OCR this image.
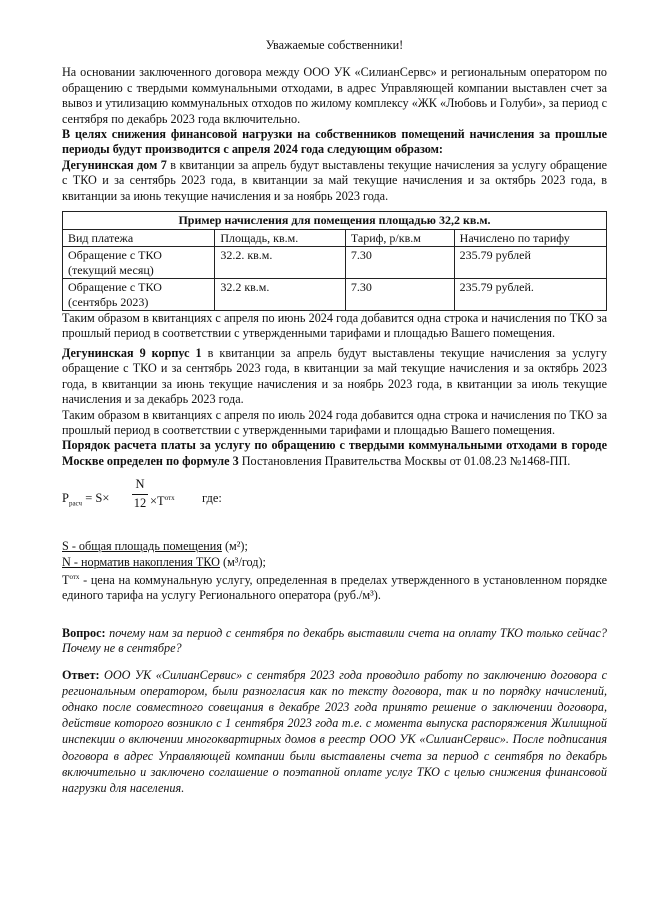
Уважаемые собственники!

На основании заключенного договора между ООО УК «СилианСервс» и региональным оператором по обращению с твердыми коммунальными отходами, в адрес Управляющей компании выставлен счет за вывоз и утилизацию коммунальных отходов по жилому комплексу «ЖК «Любовь и Голуби», за период с сентября по декабрь 2023 года включительно.

В целях снижения финансовой нагрузки на собственников помещений начисления за прошлые периоды будут производится с апреля 2024 года следующим образом:

Дегунинская дом 7 в квитанции за апрель будут выставлены текущие начисления за услугу обращение с ТКО и за сентябрь 2023 года, в квитанции за май текущие начисления и за октябрь 2023 года, в квитанции за июнь текущие начисления и за ноябрь 2023 года.

Пример начисления для помещения площадью 32,2 кв.м.			
Вид платежа	Площадь, кв.м.	Тариф, р/кв.м	Начислено по тарифу
Обращение с ТКО (текущий месяц)	32.2. кв.м.	7.30	235.79 рублей
Обращение с ТКО (сентябрь 2023)	32.2 кв.м.	7.30	235.79 рублей.

Таким образом в квитанциях с апреля по июнь 2024 года добавится одна строка и начисления по ТКО за прошлый период в соответствии с утвержденными тарифами и площадью Вашего помещения.

Дегунинская 9 корпус 1 в квитанции за апрель будут выставлены текущие начисления за услугу обращение с ТКО и за сентябрь 2023 года, в квитанции за май текущие начисления и за октябрь 2023 года, в квитанции за июнь текущие начисления и за ноябрь 2023 года, в квитанции за июль текущие начисления и за декабрь 2023 года.

Таким образом в квитанциях с апреля по июль 2024 года добавится одна строка и начисления по ТКО за прошлый период в соответствии с утвержденными тарифами и площадью Вашего помещения.

Порядок расчета платы за услугу по обращению с твердыми коммунальными отходами в городе Москве определен по формуле 3 Постановления Правительства Москвы от 01.08.23 №1468-ПП.

$P_{расч} = S\times \frac{N}{12} \times T^{отх}$ где:

S - общая площадь помещения (м²);

N - норматив накопления ТКО (м³/год);

$T^{отх}$ - цена на коммунальную услугу, определенная в пределах утвержденного в установленном порядке единого тарифа на услугу Регионального оператора (руб./м³).

Вопрос: почему нам за период с сентября по декабрь выставили счета на оплату ТКО только сейчас? Почему не в сентябре?

Ответ: ООО УК «СилианСервис» с сентября 2023 года проводило работу по заключению договора с региональным оператором, были разногласия как по тексту договора, так и по порядку начислений, однако после совместного совещания в декабре 2023 года принято решение о заключении договора, действие которого возникло с 1 сентября 2023 года т.е. с момента выпуска распоряжения Жилищной инспекции о включении многоквартирных домов в реестр ООО УК «СилианСервис». После подписания договора в адрес Управляющей компании были выставлены счета за период с сентября по декабрь включительно и заключено соглашение о поэтапной оплате услуг ТКО с целью снижения финансовой нагрузки для населения.
